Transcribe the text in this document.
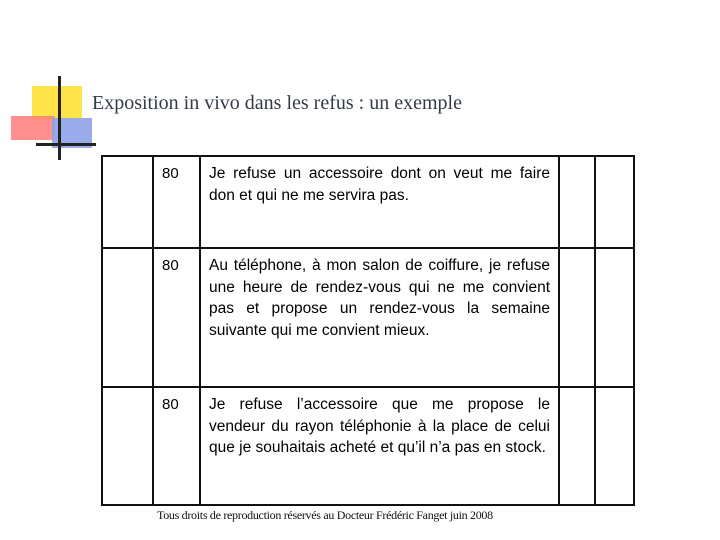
Exposition in vivo dans les refus : un exemple
	80	Je refuse un accessoire dont on veut me faire don et qui ne me servira pas.		
	80	Au téléphone, à mon salon de coiffure, je refuse une heure de rendez-vous qui ne me convient pas et propose un rendez-vous la semaine suivante qui me convient mieux.		
	80	Je refuse l’accessoire que me propose le vendeur du rayon téléphonie à la place de celui que je souhaitais acheté et qu’il n’a pas en stock.		
Tous droits de reproduction réservés au Docteur Frédéric Fanget juin 2008
